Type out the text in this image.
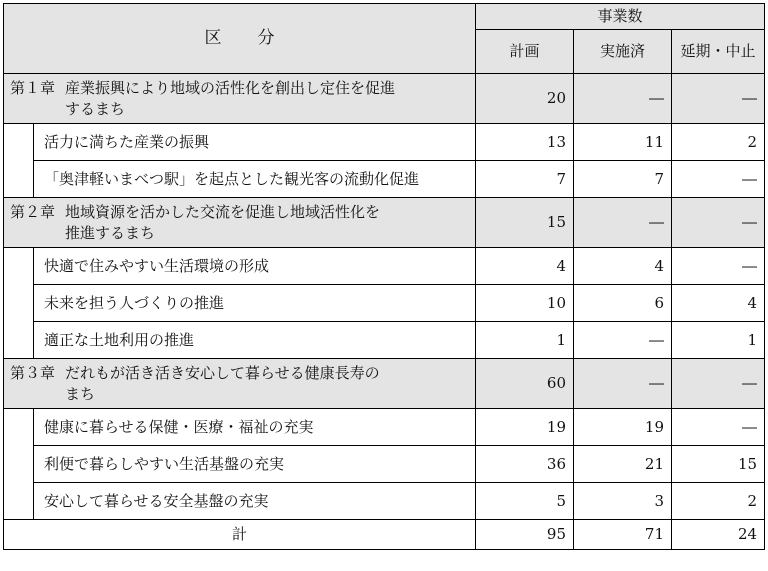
区 分		事業数		
		計画	実施済	延期・中止

第１章 産業振興により地域の活性化を創出し定住を促進
するまち		20	―	―
	活力に満ちた産業の振興	13	11	2
	「奥津軽いまべつ駅」を起点とした観光客の流動化促進	7	7	―

第２章 地域資源を活かした交流を促進し地域活性化を
推進するまち		15	―	―
	快適で住みやすい生活環境の形成	4	4	―
	未来を担う人づくりの推進	10	6	4
	適正な土地利用の推進	1	―	1

第３章 だれもが活き活き安心して暮らせる健康長寿の
まち		60	―	―
	健康に暮らせる保健・医療・福祉の充実	19	19	―
	利便で暮らしやすい生活基盤の充実	36	21	15
	安心して暮らせる安全基盤の充実	5	3	2
計		95	71	24
